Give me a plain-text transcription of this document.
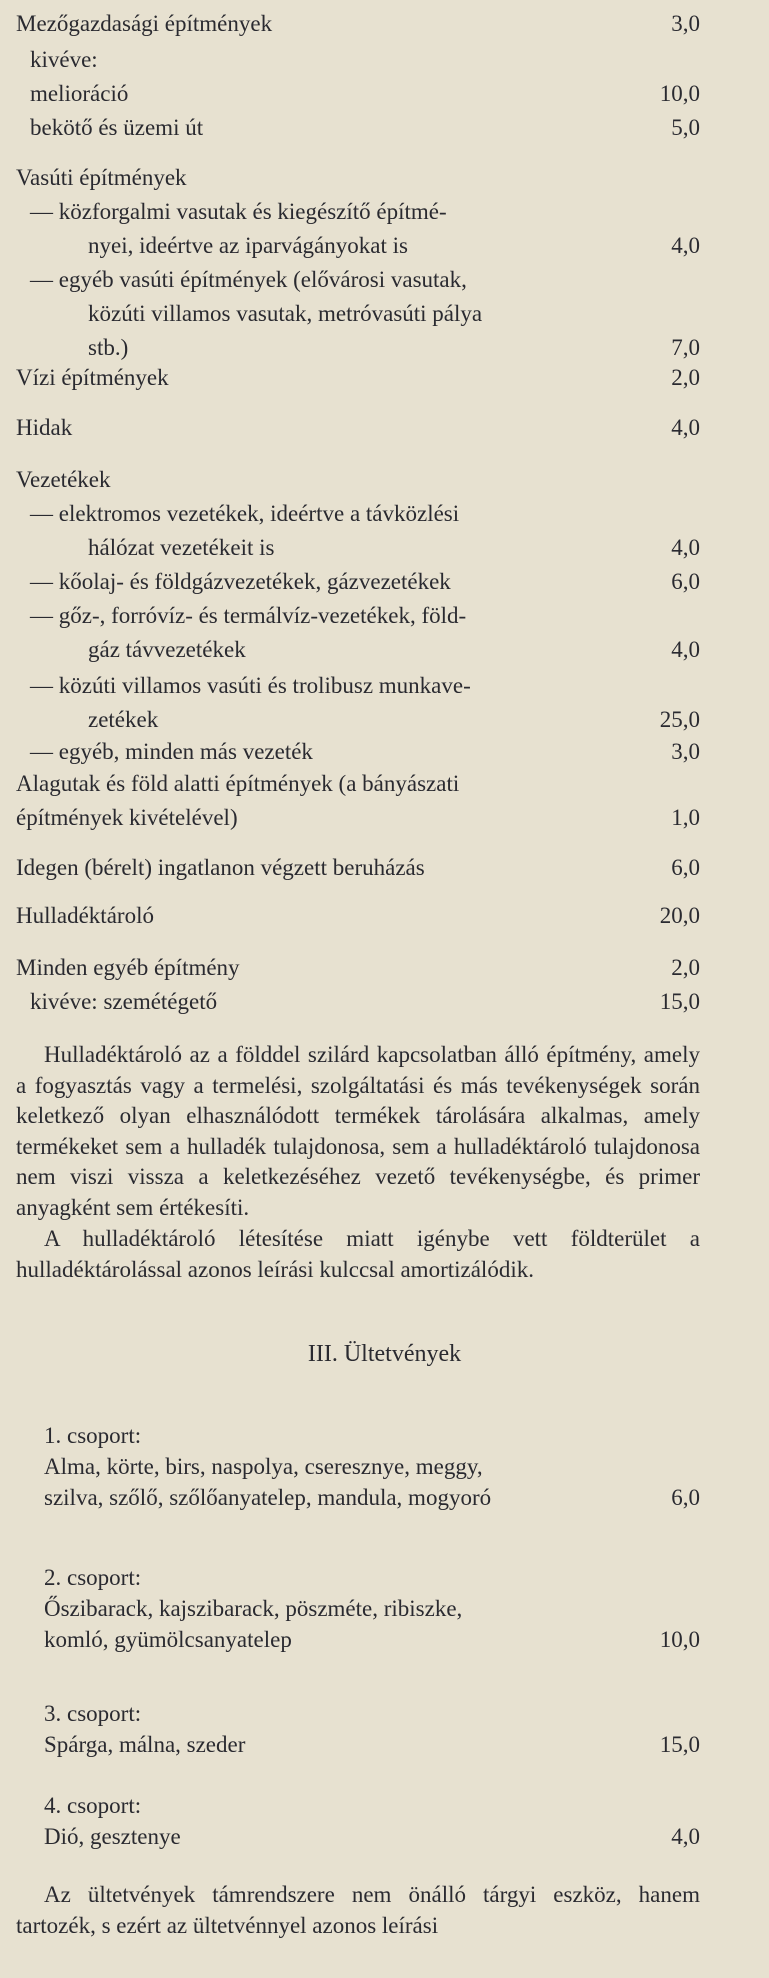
Mezőgazdasági építmények	3,0
kivéve:
melioráció	10,0
bekötő és üzemi út	5,0
Vasúti építmények
— közforgalmi vasutak és kiegészítő építmé-
nyei, ideértve az iparvágányokat is	4,0
— egyéb vasúti építmények (elővárosi vasutak,
közúti villamos vasutak, metróvasúti pálya
stb.)	7,0
Vízi építmények	2,0
Hidak	4,0
Vezetékek
— elektromos vezetékek, ideértve a távközlési
hálózat vezetékeit is	4,0
— kőolaj- és földgázvezetékek, gázvezetékek	6,0
— gőz-, forróvíz- és termálvíz-vezetékek, föld-
gáz távvezetékek	4,0
— közúti villamos vasúti és trolibusz munkave-
zetékek	25,0
— egyéb, minden más vezeték	3,0
Alagutak és föld alatti építmények (a bányászati
építmények kivételével)	1,0
Idegen (bérelt) ingatlanon végzett beruházás	6,0
Hulladéktároló	20,0
Minden egyéb építmény	2,0
kivéve: szemétégető	15,0
Hulladéktároló az a földdel szilárd kapcsolatban álló építmény, amely a fogyasztás vagy a termelési, szolgáltatási és más tevékenységek során keletkező olyan elhasználódott termékek tárolására alkalmas, amely termékeket sem a hulladék tulajdonosa, sem a hulladéktároló tulajdonosa nem viszi vissza a keletkezéséhez vezető tevékenységbe, és primer anyagként sem értékesíti.
A hulladéktároló létesítése miatt igénybe vett földterület a hulladéktárolással azonos leírási kulccsal amortizálódik.
III. Ültetvények
1. csoport:
Alma, körte, birs, naspolya, cseresznye, meggy,
szilva, szőlő, szőlőanyatelep, mandula, mogyoró	6,0
2. csoport:
Őszibarack, kajszibarack, pöszméte, ribiszke,
komló, gyümölcsanyatelep	10,0
3. csoport:
Spárga, málna, szeder	15,0
4. csoport:
Dió, gesztenye	4,0
Az ültetvények támrendszere nem önálló tárgyi eszköz, hanem tartozék, s ezért az ültetvénnyel azonos leírási
